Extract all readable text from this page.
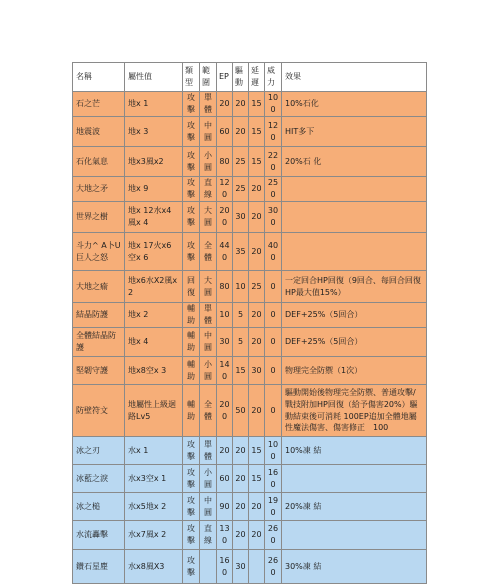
名稱	屬性值	類型	範圍	EP	驅動	延遲	威力	效果
石之芒	地x 1	攻擊	單體	20	20	15	100	10%石化
地震波	地x 3	攻擊	中圓	60	20	15	120	HIT多下
石化氣息	地x3風x2	攻擊	小圓	80	25	15	220	20%石 化
大地之矛	地x 9	攻擊	直線	120	25	20	250	
世界之樹	地x 12水x4風x 4	攻擊	大圓	200	30	20	300	
斗力^ A卜U巨人之怒	地x 17火x6空x 6	攻擊	全體	440	35	20	400	
大地之瘉	地x6水X2風x 2	回復	大圓	80	10	25	0	一定回合HP回復（9回合、每回合回復HP最大值15%）
結晶防護	地x 2	輔助	單體	10	5	20	0	DEF+25%（5回合）
全體結晶防護	地x 4	輔助	中圓	30	5	20	0	DEF+25%（5回合）
堅韌守護	地x8空x 3	輔助	小圓	140	15	30	0	物理完全防禦（1次）
防壁符文	地屬性上級迴路Lv5	輔助	全體	200	50	20	0	驅動開始後物理完全防禦、普通攻擊/戰技附加HP回復（給予傷害20%）驅動結束後可消耗 100EP追加全體地屬性魔法傷害、傷害修正　100
冰之刃	水x 1	攻擊	單體	20	20	15	100	10%凍 結
冰藍之淚	水x3空x 1	攻擊	小圓	60	20	15	160	
冰之槌	水x5地x 2	攻擊	中圓	90	20	20	190	20%凍 結
水流轟擊	水x7風x 2	攻擊	直線	130	20	20	260	
鑽石星塵	水x8風X3	攻擊		160	30		260	30%凍 結
